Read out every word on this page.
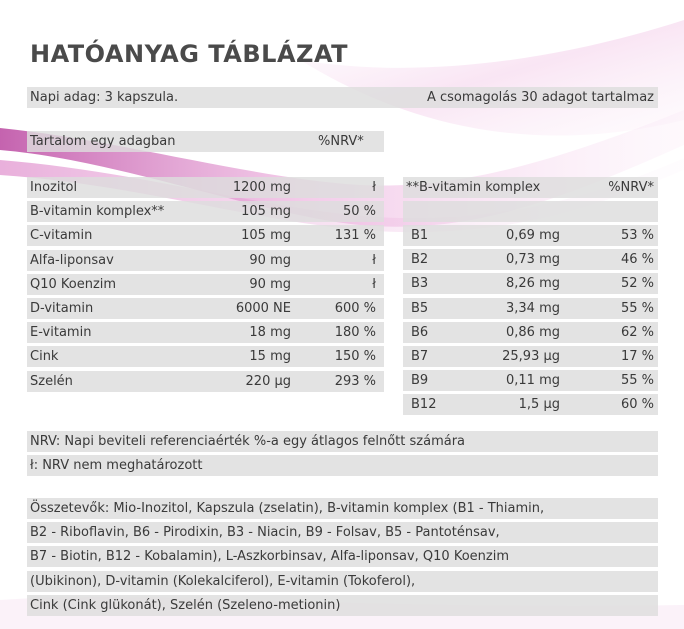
HATÓANYAG TÁBLÁZAT
Napi adag: 3 kapszula.	A csomagolás 30 adagot tartalmaz
Tartalom egy adagban	%NRV*
Inozitol	1200 mg	ł
B-vitamin komplex**	105 mg	50 %
C-vitamin	105 mg	131 %
Alfa-liponsav	90 mg	ł
Q10 Koenzim	90 mg	ł
D-vitamin	6000 NE	600 %
E-vitamin	18 mg	180 %
Cink	15 mg	150 %
Szelén	220 µg	293 %
**B-vitamin komplex	%NRV*
B1	0,69 mg	53 %
B2	0,73 mg	46 %
B3	8,26 mg	52 %
B5	3,34 mg	55 %
B6	0,86 mg	62 %
B7	25,93 µg	17 %
B9	0,11 mg	55 %
B12	1,5 µg	60 %
NRV: Napi beviteli referenciaérték %-a egy átlagos felnőtt számára
ł: NRV nem meghatározott
Összetevők: Mio-Inozitol, Kapszula (zselatin), B-vitamin komplex (B1 - Thiamin,
B2 - Riboflavin, B6 - Pirodixin, B3 - Niacin, B9 - Folsav, B5 - Pantoténsav,
B7 - Biotin, B12 - Kobalamin), L-Aszkorbinsav, Alfa-liponsav, Q10 Koenzim
(Ubikinon), D-vitamin (Kolekalciferol), E-vitamin (Tokoferol),
Cink (Cink glükonát), Szelén (Szeleno-metionin)
